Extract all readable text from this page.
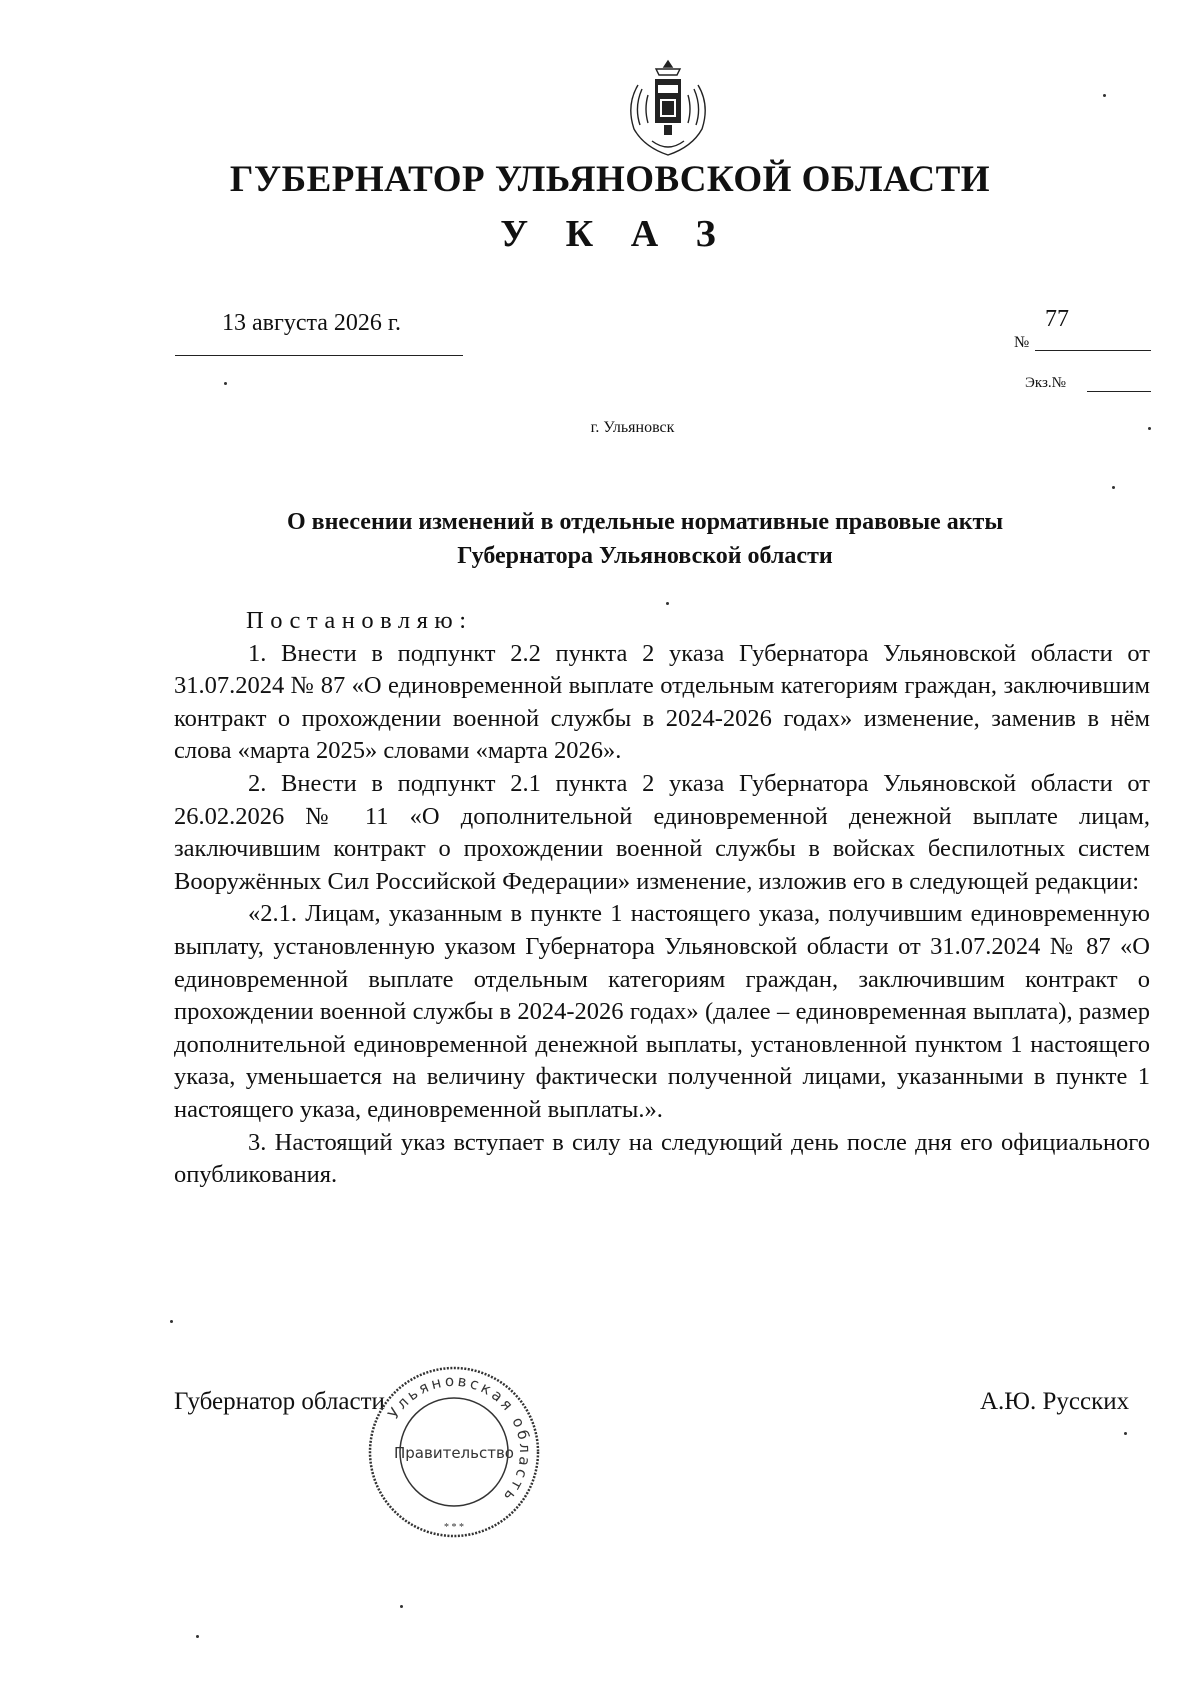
ГУБЕРНАТОР УЛЬЯНОВСКОЙ ОБЛАСТИ
У К А З
13 августа 2026 г.	77
№
Экз.№
г. Ульяновск
О внесении изменений в отдельные нормативные правовые акты
Губернатора Ульяновской области

Постановляю:

1. Внести в подпункт 2.2 пункта 2 указа Губернатора Ульяновской области от 31.07.2024 № 87 «О единовременной выплате отдельным категориям граждан, заключившим контракт о прохождении военной службы в 2024-2026 годах» изменение, заменив в нём слова «марта 2025» словами «марта 2026».

2. Внести в подпункт 2.1 пункта 2 указа Губернатора Ульяновской области от 26.02.2026 № 11 «О дополнительной единовременной денежной выплате лицам, заключившим контракт о прохождении военной службы в войсках беспилотных систем Вооружённых Сил Российской Федерации» изменение, изложив его в следующей редакции:

«2.1. Лицам, указанным в пункте 1 настоящего указа, получившим единовременную выплату, установленную указом Губернатора Ульяновской области от 31.07.2024 № 87 «О единовременной выплате отдельным категориям граждан, заключившим контракт о прохождении военной службы в 2024-2026 годах» (далее – единовременная выплата), размер дополнительной единовременной денежной выплаты, установленной пунктом 1 настоящего указа, уменьшается на величину фактически полученной лицами, указанными в пункте 1 настоящего указа, единовременной выплаты.».

3. Настоящий указ вступает в силу на следующий день после дня его официального опубликования.

Губернатор области	А.Ю. Русских
Ульяновская область
Правительство
* * *
